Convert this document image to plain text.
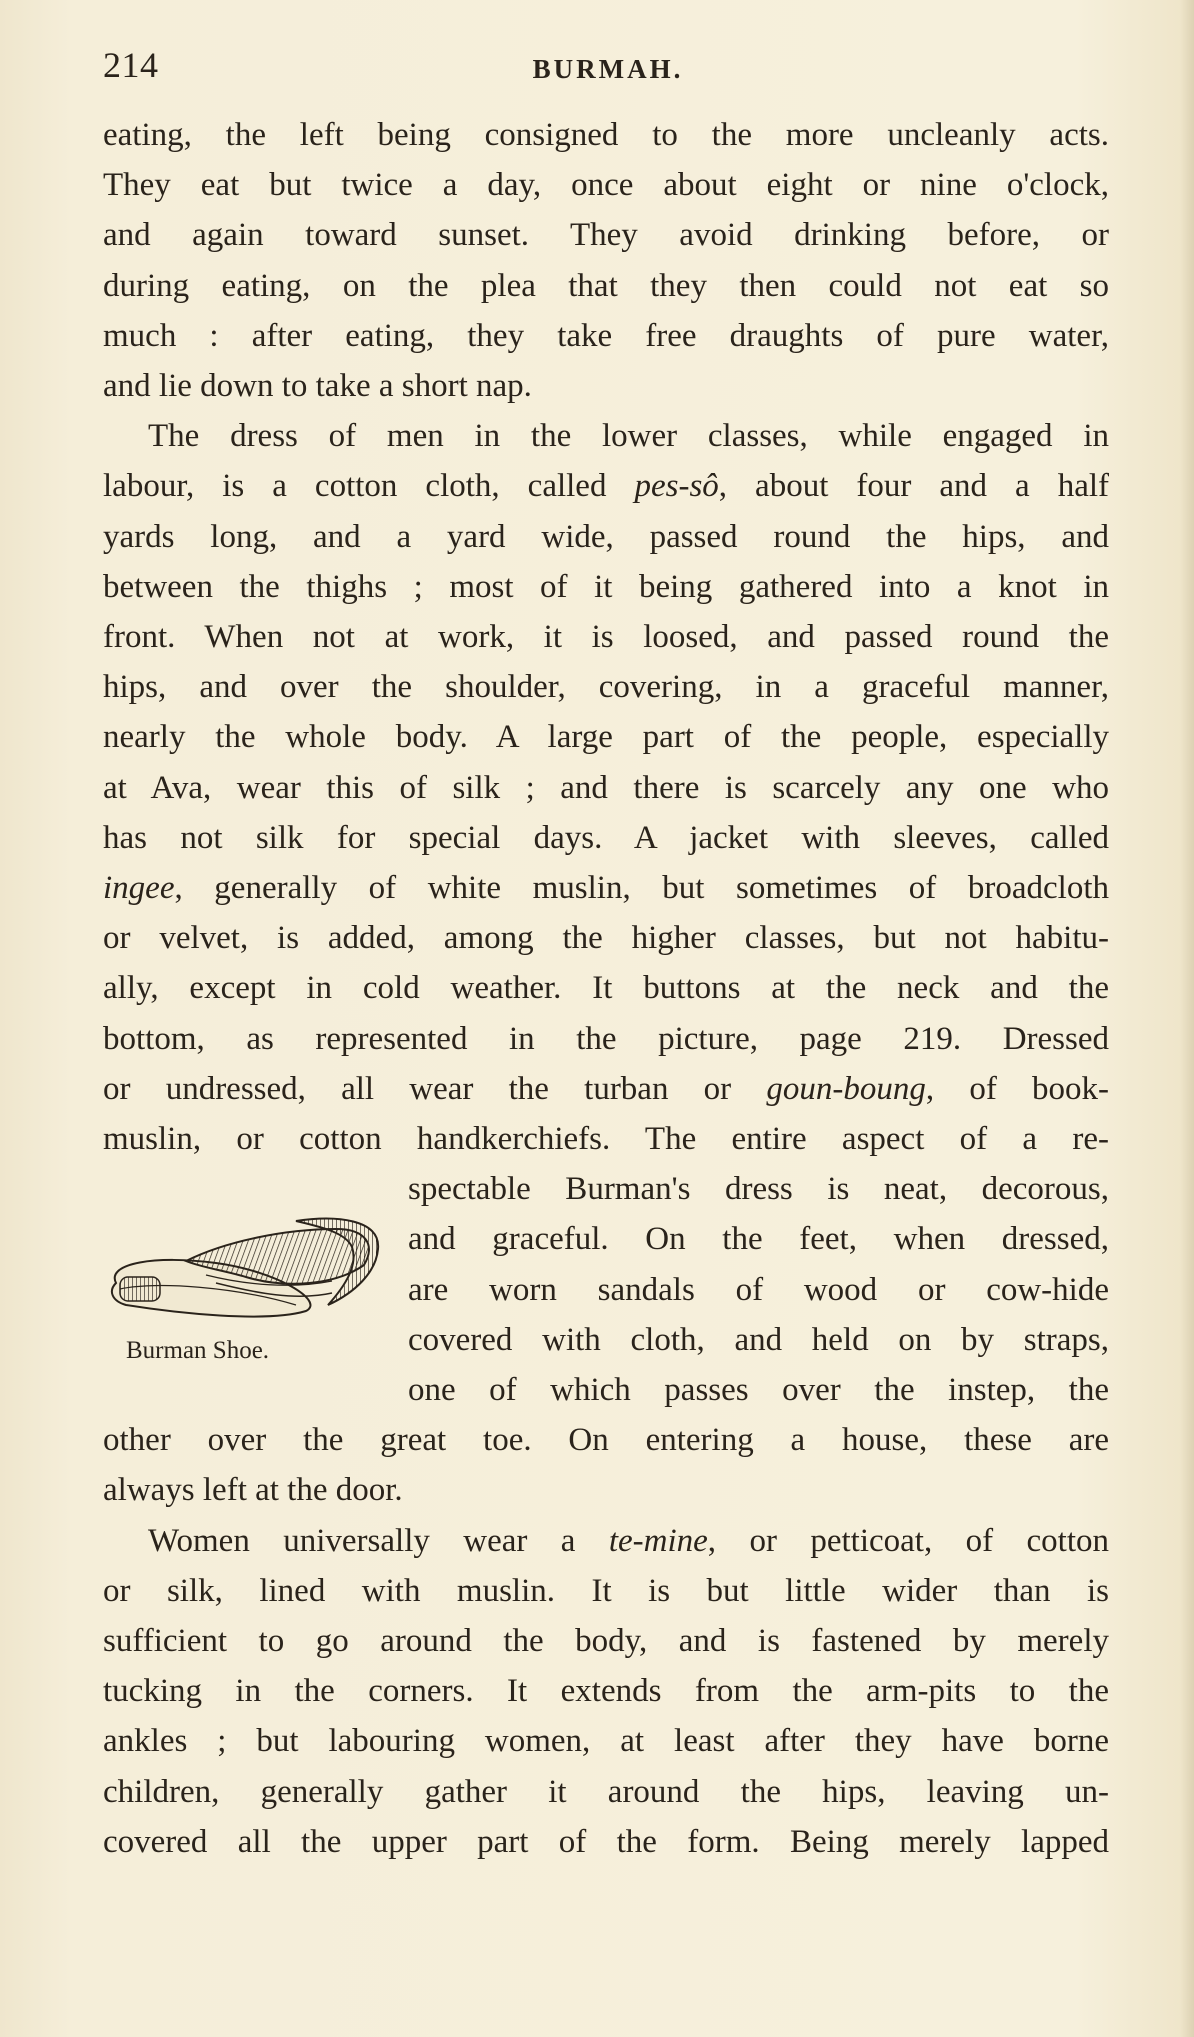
214	BURMAH.
eating, the left being consigned to the more uncleanly acts.
They eat but twice a day, once about eight or nine o'clock,
and again toward sunset. They avoid drinking before, or
during eating, on the plea that they then could not eat so
much : after eating, they take free draughts of pure water,
and lie down to take a short nap.
The dress of men in the lower classes, while engaged in
labour, is a cotton cloth, called pes-sô, about four and a half
yards long, and a yard wide, passed round the hips, and
between the thighs ; most of it being gathered into a knot in
front. When not at work, it is loosed, and passed round the
hips, and over the shoulder, covering, in a graceful manner,
nearly the whole body. A large part of the people, especially
at Ava, wear this of silk ; and there is scarcely any one who
has not silk for special days. A jacket with sleeves, called
ingee, generally of white muslin, but sometimes of broadcloth
or velvet, is added, among the higher classes, but not habitu-
ally, except in cold weather. It buttons at the neck and the
bottom, as represented in the picture, page 219. Dressed
or undressed, all wear the turban or goun-boung, of book-
muslin, or cotton handkerchiefs. The entire aspect of a re-
spectable Burman's dress is neat, decorous,
and graceful. On the feet, when dressed,
are worn sandals of wood or cow-hide
covered with cloth, and held on by straps,
one of which passes over the instep, the
other over the great toe. On entering a house, these are
always left at the door.
Women universally wear a te-mine, or petticoat, of cotton
or silk, lined with muslin. It is but little wider than is
sufficient to go around the body, and is fastened by merely
tucking in the corners. It extends from the arm-pits to the
ankles ; but labouring women, at least after they have borne
children, generally gather it around the hips, leaving un-
covered all the upper part of the form. Being merely lapped
Burman Shoe.
